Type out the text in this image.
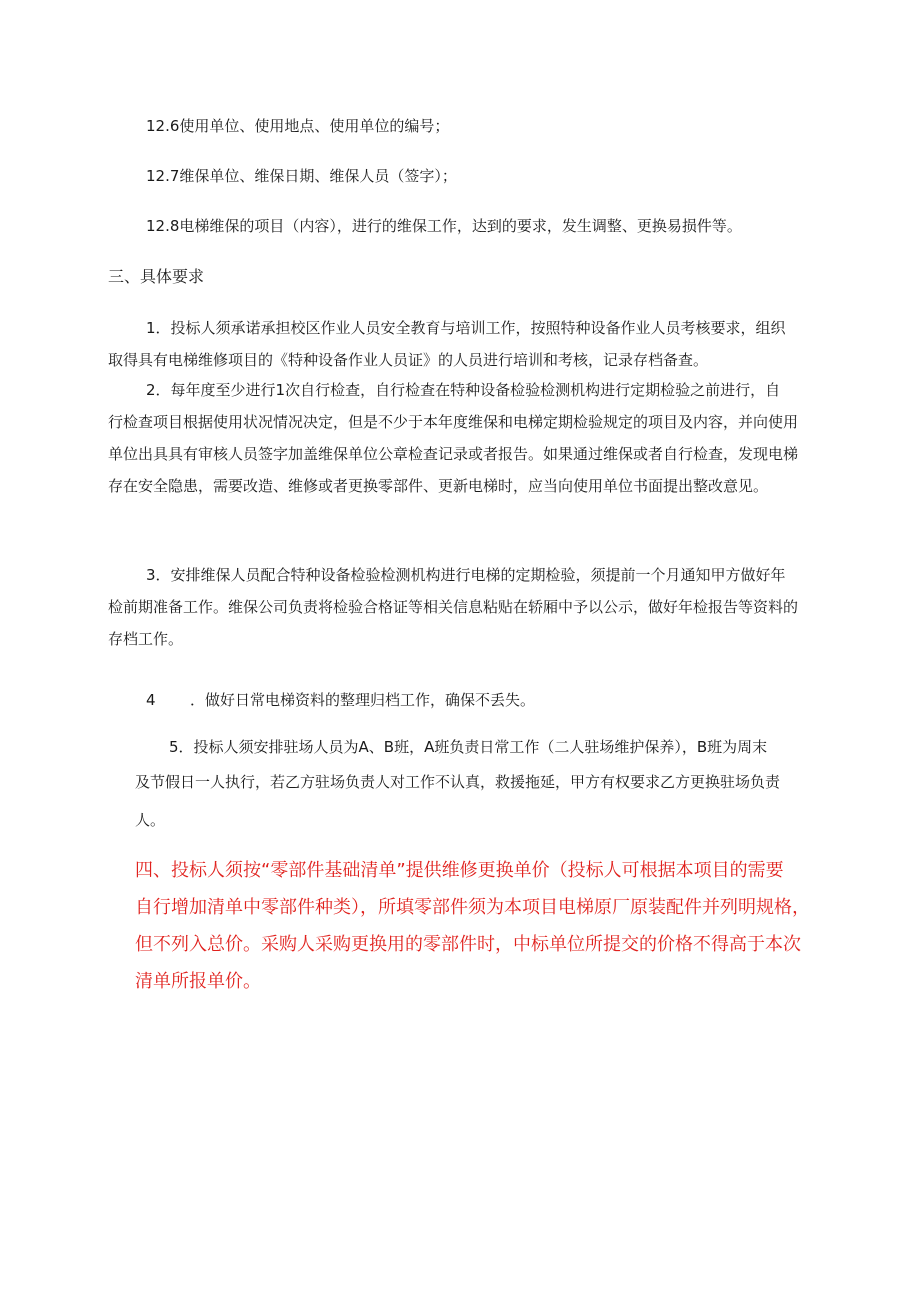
12.6使用单位、使用地点、使用单位的编号；
12.7维保单位、维保日期、维保人员（签字）；
12.8电梯维保的项目（内容），进行的维保工作，达到的要求，发生调整、更换易损件等。
三、具体要求

1．投标人须承诺承担校区作业人员安全教育与培训工作，按照特种设备作业人员考核要求，组织

取得具有电梯维修项目的《特种设备作业人员证》的人员进行培训和考核，记录存档备查。

2．每年度至少进行1次自行检查，自行检查在特种设备检验检测机构进行定期检验之前进行，自

行检查项目根据使用状况情况决定，但是不少于本年度维保和电梯定期检验规定的项目及内容，并向使用

单位出具具有审核人员签字加盖维保单位公章检查记录或者报告。如果通过维保或者自行检查，发现电梯

存在安全隐患，需要改造、维修或者更换零部件、更新电梯时，应当向使用单位书面提出整改意见。

3．安排维保人员配合特种设备检验检测机构进行电梯的定期检验，须提前一个月通知甲方做好年

检前期准备工作。维保公司负责将检验合格证等相关信息粘贴在轿厢中予以公示，做好年检报告等资料的

存档工作。

4 ．做好日常电梯资料的整理归档工作，确保不丢失。

5．投标人须安排驻场人员为A、B班，A班负责日常工作（二人驻场维护保养），B班为周末

及节假日一人执行，若乙方驻场负责人对工作不认真，救援拖延，甲方有权要求乙方更换驻场负责

人。

四、投标人须按“零部件基础清单”提供维修更换单价（投标人可根据本项目的需要

自行增加清单中零部件种类），所填零部件须为本项目电梯原厂原装配件并列明规格，

但不列入总价。采购人采购更换用的零部件时，中标单位所提交的价格不得高于本次

清单所报单价。
